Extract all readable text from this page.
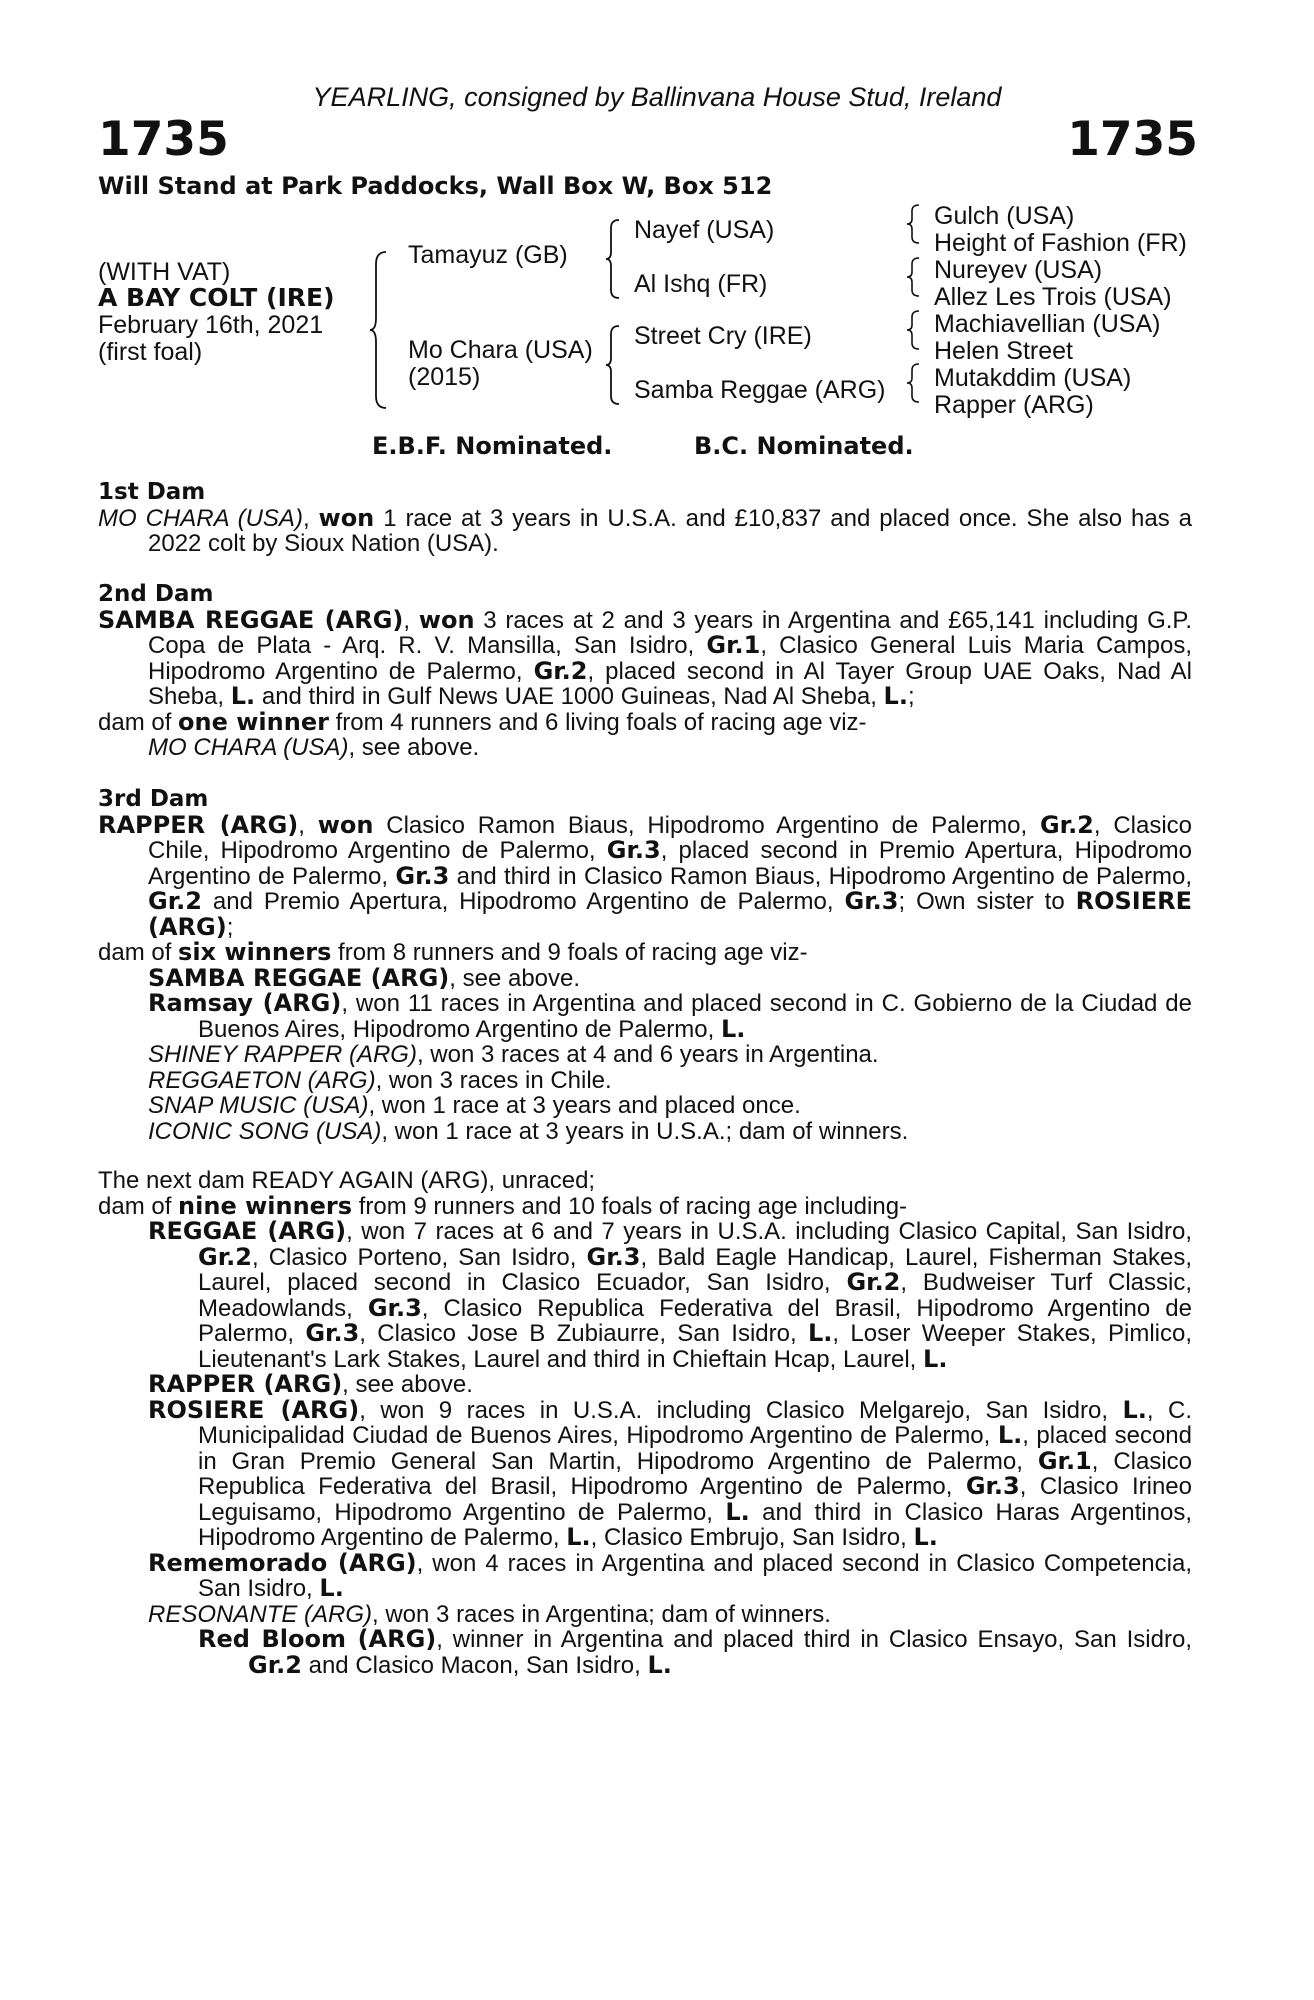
YEARLING, consigned by Ballinvana House Stud, Ireland
1735	1735
Will Stand at Park Paddocks, Wall Box W, Box 512
(WITH VAT)
A BAY COLT (IRE)
February 16th, 2021
(first foal)
Tamayuz (GB)
Mo Chara (USA)
(2015)
Nayef (USA)
Al Ishq (FR)
Street Cry (IRE)
Samba Reggae (ARG)
Gulch (USA)
Height of Fashion (FR)
Nureyev (USA)
Allez Les Trois (USA)
Machiavellian (USA)
Helen Street
Mutakddim (USA)
Rapper (ARG)
E.B.F. Nominated.	B.C. Nominated.

1st Dam

MO CHARA (USA), won 1 race at 3 years in U.S.A. and £10,837 and placed once. She also has a 2022 colt by Sioux Nation (USA).

2nd Dam

SAMBA REGGAE (ARG), won 3 races at 2 and 3 years in Argentina and £65,141 including G.P. Copa de Plata - Arq. R. V. Mansilla, San Isidro, Gr.1, Clasico General Luis Maria Campos, Hipodromo Argentino de Palermo, Gr.2, placed second in Al Tayer Group UAE Oaks, Nad Al Sheba, L. and third in Gulf News UAE 1000 Guineas, Nad Al Sheba, L.;

dam of one winner from 4 runners and 6 living foals of racing age viz-

MO CHARA (USA), see above.

3rd Dam

RAPPER (ARG), won Clasico Ramon Biaus, Hipodromo Argentino de Palermo, Gr.2, Clasico Chile, Hipodromo Argentino de Palermo, Gr.3, placed second in Premio Apertura, Hipodromo Argentino de Palermo, Gr.3 and third in Clasico Ramon Biaus, Hipodromo Argentino de Palermo, Gr.2 and Premio Apertura, Hipodromo Argentino de Palermo, Gr.3; Own sister to ROSIERE (ARG);

dam of six winners from 8 runners and 9 foals of racing age viz-

SAMBA REGGAE (ARG), see above.

Ramsay (ARG), won 11 races in Argentina and placed second in C. Gobierno de la Ciudad de Buenos Aires, Hipodromo Argentino de Palermo, L.

SHINEY RAPPER (ARG), won 3 races at 4 and 6 years in Argentina.

REGGAETON (ARG), won 3 races in Chile.

SNAP MUSIC (USA), won 1 race at 3 years and placed once.

ICONIC SONG (USA), won 1 race at 3 years in U.S.A.; dam of winners.

The next dam READY AGAIN (ARG), unraced;

dam of nine winners from 9 runners and 10 foals of racing age including-

REGGAE (ARG), won 7 races at 6 and 7 years in U.S.A. including Clasico Capital, San Isidro, Gr.2, Clasico Porteno, San Isidro, Gr.3, Bald Eagle Handicap, Laurel, Fisherman Stakes, Laurel, placed second in Clasico Ecuador, San Isidro, Gr.2, Budweiser Turf Classic, Meadowlands, Gr.3, Clasico Republica Federativa del Brasil, Hipodromo Argentino de Palermo, Gr.3, Clasico Jose B Zubiaurre, San Isidro, L., Loser Weeper Stakes, Pimlico, Lieutenant's Lark Stakes, Laurel and third in Chieftain Hcap, Laurel, L.

RAPPER (ARG), see above.

ROSIERE (ARG), won 9 races in U.S.A. including Clasico Melgarejo, San Isidro, L., C. Municipalidad Ciudad de Buenos Aires, Hipodromo Argentino de Palermo, L., placed second in Gran Premio General San Martin, Hipodromo Argentino de Palermo, Gr.1, Clasico Republica Federativa del Brasil, Hipodromo Argentino de Palermo, Gr.3, Clasico Irineo Leguisamo, Hipodromo Argentino de Palermo, L. and third in Clasico Haras Argentinos, Hipodromo Argentino de Palermo, L., Clasico Embrujo, San Isidro, L.

Rememorado (ARG), won 4 races in Argentina and placed second in Clasico Competencia, San Isidro, L.

RESONANTE (ARG), won 3 races in Argentina; dam of winners.

Red Bloom (ARG), winner in Argentina and placed third in Clasico Ensayo, San Isidro, Gr.2 and Clasico Macon, San Isidro, L.
